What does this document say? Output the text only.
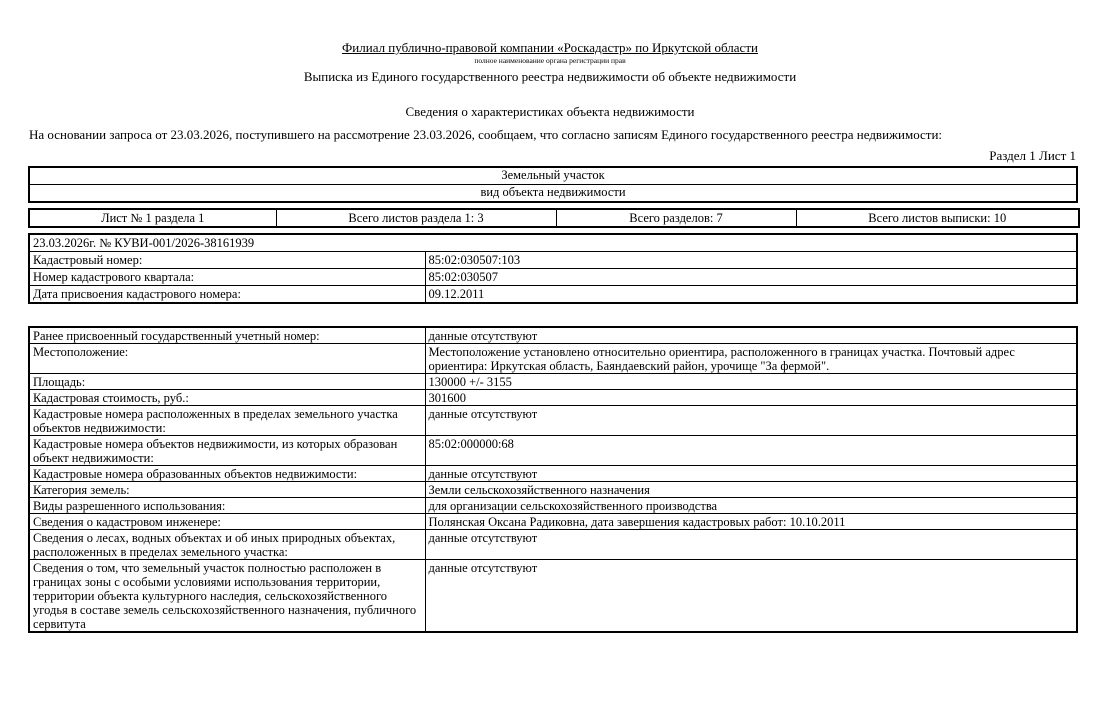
Филиал публично-правовой компании «Роскадастр» по Иркутской области
полное наименование органа регистрации прав
Выписка из Единого государственного реестра недвижимости об объекте недвижимости
Сведения о характеристиках объекта недвижимости
На основании запроса от 23.03.2026, поступившего на рассмотрение 23.03.2026, сообщаем, что согласно записям Единого государственного реестра недвижимости:
Раздел 1 Лист 1
Земельный участок
вид объекта недвижимости
Лист № 1 раздела 1	Всего листов раздела 1: 3	Всего разделов: 7	Всего листов выписки: 10
23.03.2026г. № КУВИ-001/2026-38161939	
Кадастровый номер:	85:02:030507:103
Номер кадастрового квартала:	85:02:030507
Дата присвоения кадастрового номера:	09.12.2011
Ранее присвоенный государственный учетный номер:	данные отсутствуют
Местоположение:	Местоположение установлено относительно ориентира, расположенного в границах участка. Почтовый адрес ориентира: Иркутская область, Баяндаевский район, урочище "За фермой".
Площадь:	130000 +/- 3155
Кадастровая стоимость, руб.:	301600
Кадастровые номера расположенных в пределах земельного участка объектов недвижимости:	данные отсутствуют
Кадастровые номера объектов недвижимости, из которых образован объект недвижимости:	85:02:000000:68
Кадастровые номера образованных объектов недвижимости:	данные отсутствуют
Категория земель:	Земли сельскохозяйственного назначения
Виды разрешенного использования:	для организации сельскохозяйственного производства
Сведения о кадастровом инженере:	Полянская Оксана Радиковна, дата завершения кадастровых работ: 10.10.2011
Сведения о лесах, водных объектах и об иных природных объектах, расположенных в пределах земельного участка:	данные отсутствуют
Сведения о том, что земельный участок полностью расположен в границах зоны с особыми условиями использования территории, территории объекта культурного наследия, сельскохозяйственного угодья в составе земель сельскохозяйственного назначения, публичного сервитута	данные отсутствуют
